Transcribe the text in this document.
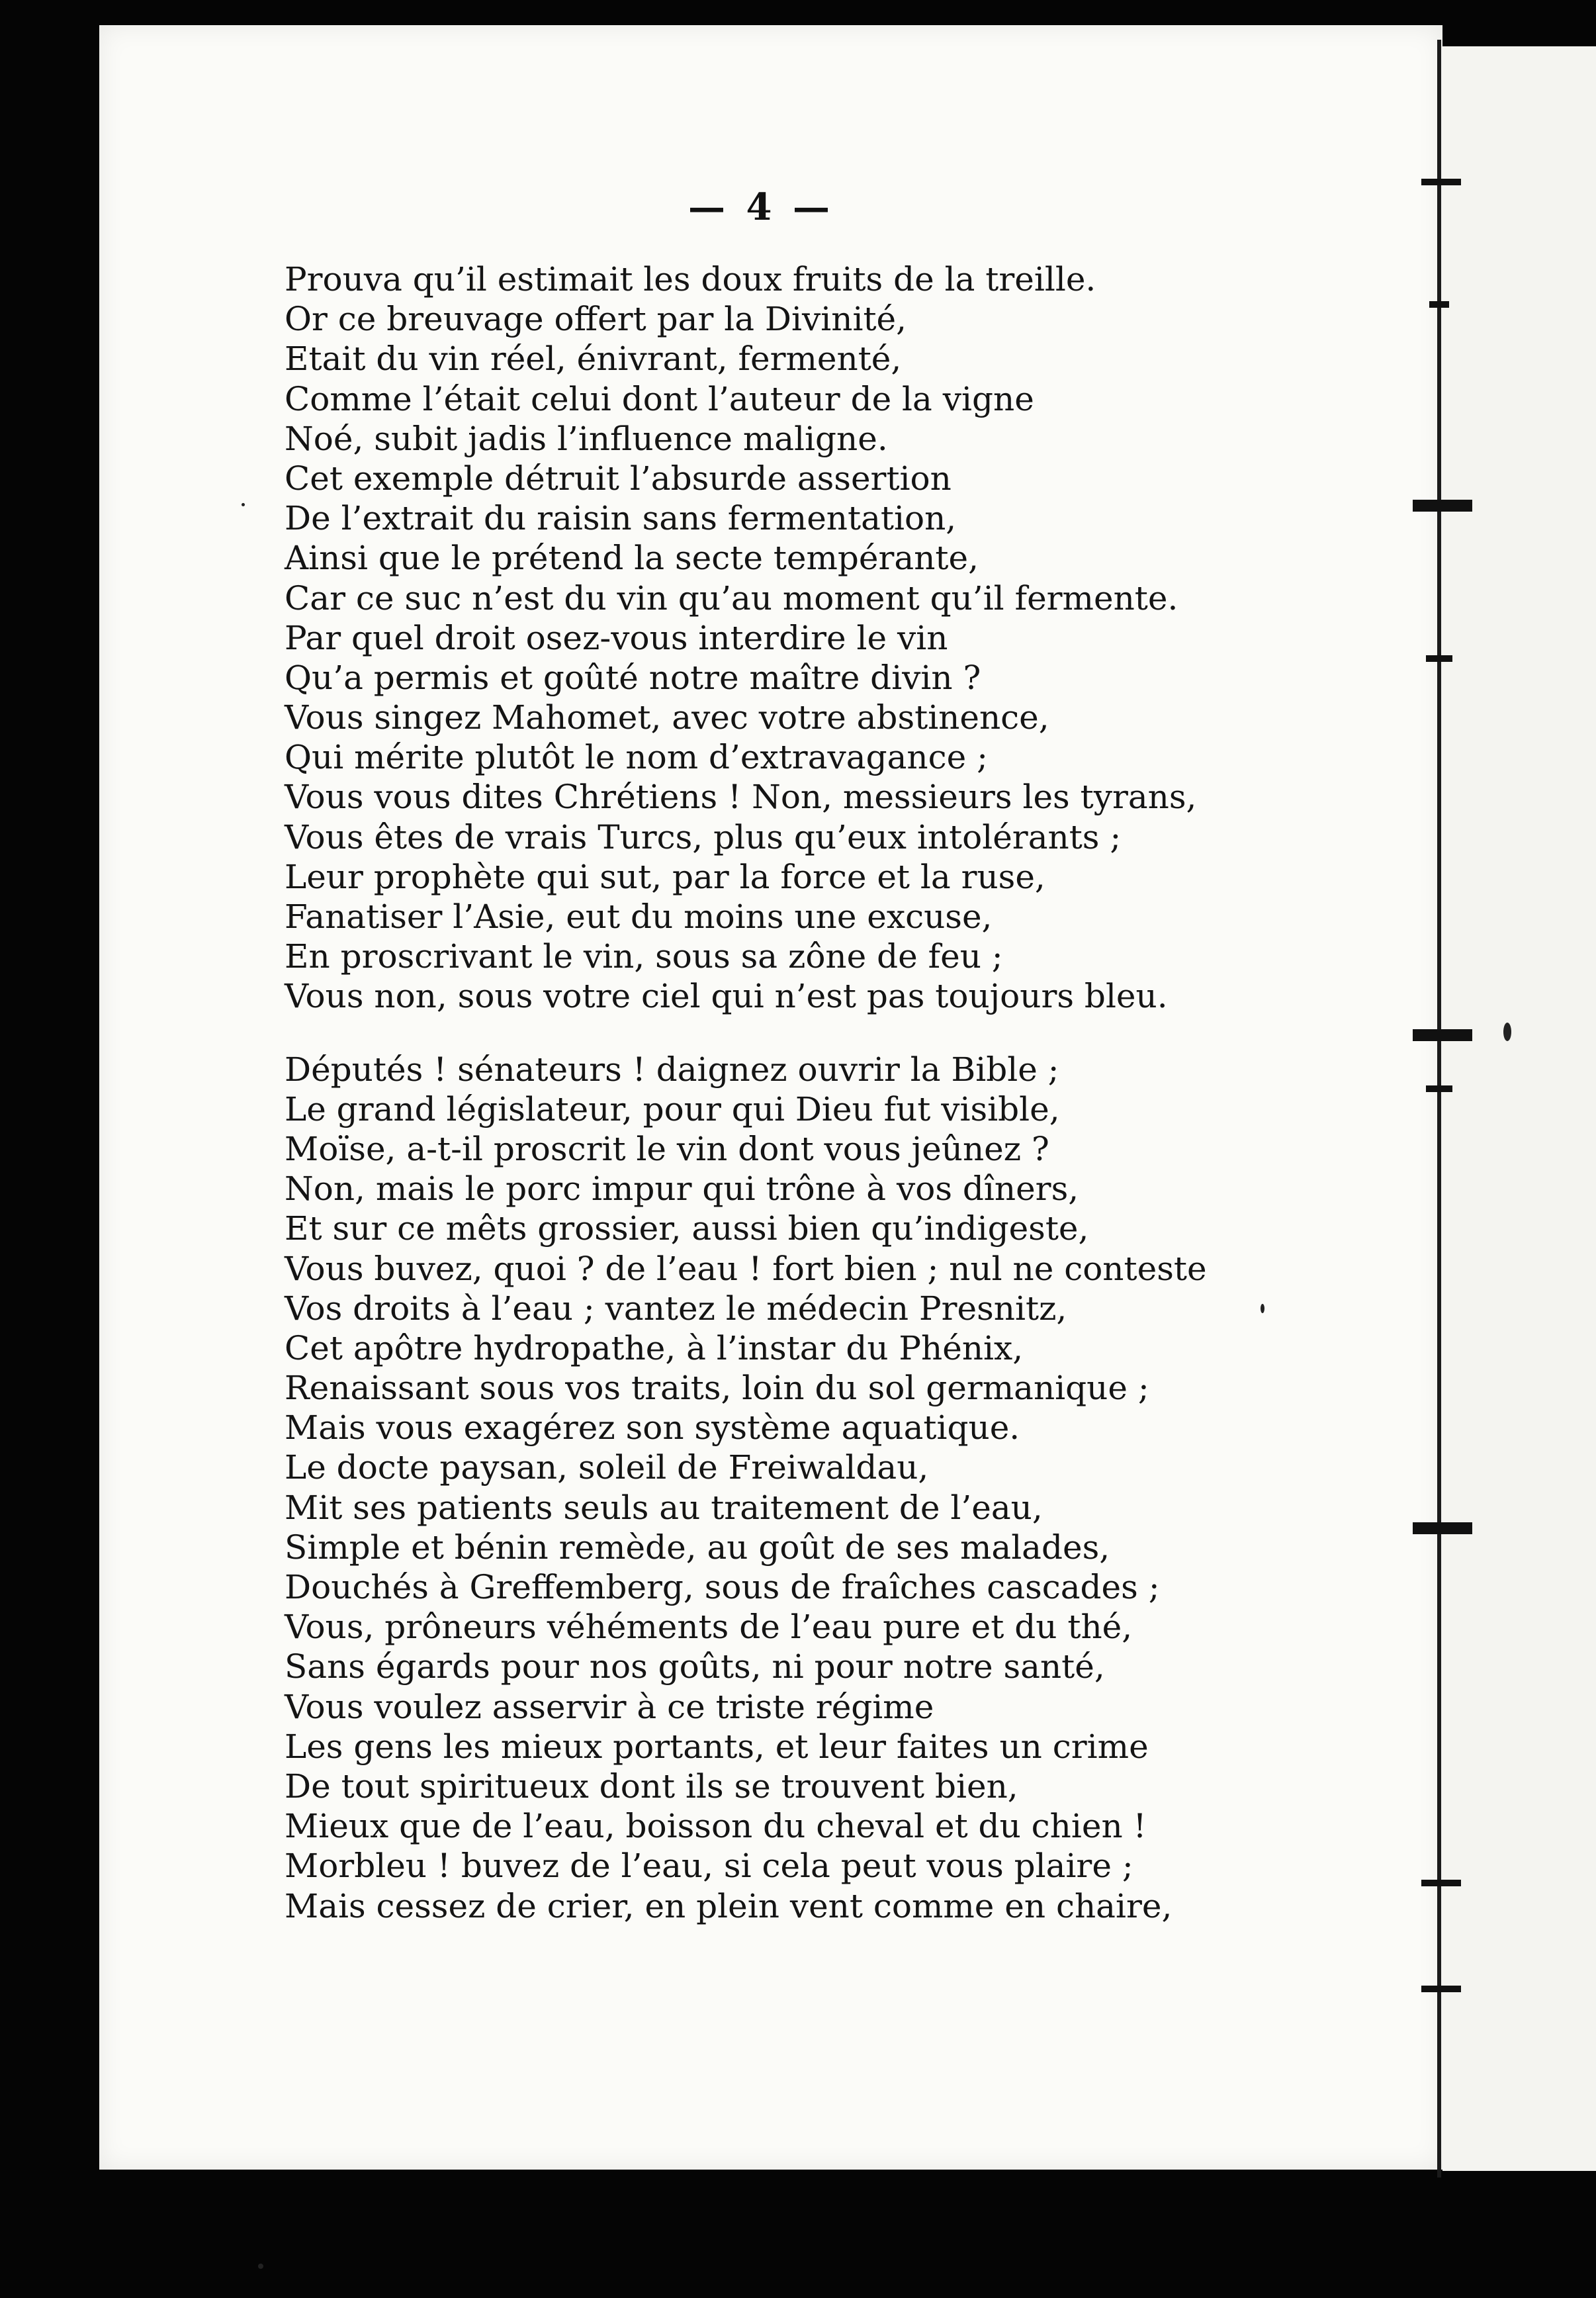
— 4 —
Prouva qu’il estimait les doux fruits de la treille.
Or ce breuvage offert par la Divinité,
Etait du vin réel, énivrant, fermenté,
Comme l’était celui dont l’auteur de la vigne
Noé, subit jadis l’influence maligne.
Cet exemple détruit l’absurde assertion
De l’extrait du raisin sans fermentation,
Ainsi que le prétend la secte tempérante,
Car ce suc n’est du vin qu’au moment qu’il fermente.
Par quel droit osez-vous interdire le vin
Qu’a permis et goûté notre maître divin ?
Vous singez Mahomet, avec votre abstinence,
Qui mérite plutôt le nom d’extravagance ;
Vous vous dites Chrétiens ! Non, messieurs les tyrans,
Vous êtes de vrais Turcs, plus qu’eux intolérants ;
Leur prophète qui sut, par la force et la ruse,
Fanatiser l’Asie, eut du moins une excuse,
En proscrivant le vin, sous sa zône de feu ;
Vous non, sous votre ciel qui n’est pas toujours bleu.
Députés ! sénateurs ! daignez ouvrir la Bible ;
Le grand législateur, pour qui Dieu fut visible,
Moïse, a-t-il proscrit le vin dont vous jeûnez ?
Non, mais le porc impur qui trône à vos dîners,
Et sur ce mêts grossier, aussi bien qu’indigeste,
Vous buvez, quoi ? de l’eau ! fort bien ; nul ne conteste
Vos droits à l’eau ; vantez le médecin Presnitz,
Cet apôtre hydropathe, à l’instar du Phénix,
Renaissant sous vos traits, loin du sol germanique ;
Mais vous exagérez son système aquatique.
Le docte paysan, soleil de Freiwaldau,
Mit ses patients seuls au traitement de l’eau,
Simple et bénin remède, au goût de ses malades,
Douchés à Greffemberg, sous de fraîches cascades ;
Vous, prôneurs véhéments de l’eau pure et du thé,
Sans égards pour nos goûts, ni pour notre santé,
Vous voulez asservir à ce triste régime
Les gens les mieux portants, et leur faites un crime
De tout spiritueux dont ils se trouvent bien,
Mieux que de l’eau, boisson du cheval et du chien !
Morbleu ! buvez de l’eau, si cela peut vous plaire ;
Mais cessez de crier, en plein vent comme en chaire,
